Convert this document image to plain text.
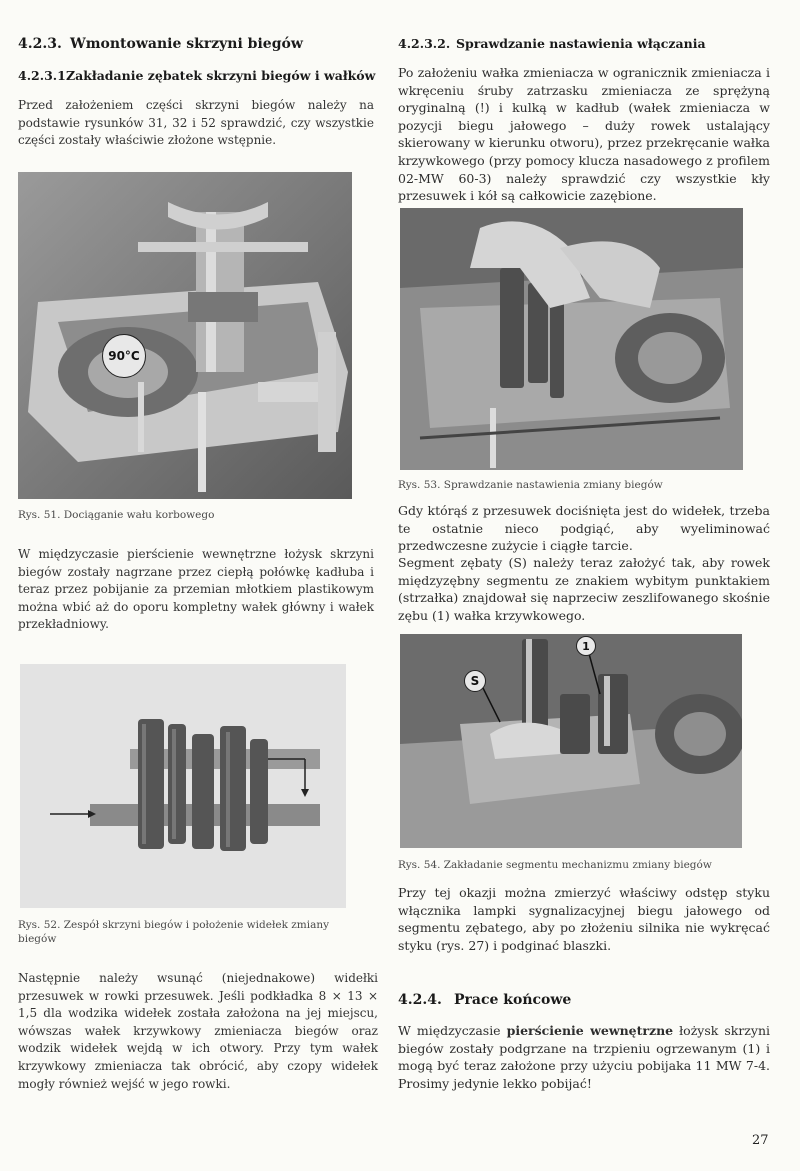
4.2.3. Wmontowanie skrzyni biegów
4.2.3.1.Zakładanie zębatek skrzyni biegów i wałków
Przed założeniem części skrzyni biegów należy na podstawie rysunków 31, 32 i 52 sprawdzić, czy wszystkie części zostały właściwie złożone wstępnie.
90°C
Rys. 51. Dociąganie wału korbowego
W międzyczasie pierścienie wewnętrzne łożysk skrzyni biegów zostały nagrzane przez ciepłą połówkę kadłuba i teraz przez pobijanie za przemian młotkiem plastikowym można wbić aż do oporu kompletny wałek główny i wałek przekładniowy.
Rys. 52. Zespół skrzyni biegów i położenie widełek zmiany biegów
Następnie należy wsunąć (niejednakowe) widełki przesuwek w rowki przesuwek. Jeśli podkładka 8 × 13 × 1,5 dla wodzika widełek została założona na jej miejscu, wówszas wałek krzywkowy zmieniacza biegów oraz wodzik widełek wejdą w ich otwory. Przy tym wałek krzywkowy zmieniacza tak obrócić, aby czopy widełek mogły również wejść w jego rowki.
4.2.3.2. Sprawdzanie nastawienia włączania
Po założeniu wałka zmieniacza w ogranicznik zmieniacza i wkręceniu śruby zatrzasku zmieniacza ze sprężyną oryginalną (!) i kulką w kadłub (wałek zmieniacza w pozycji biegu jałowego – duży rowek ustalający skierowany w kierunku otworu), przez przekręcanie wałka krzywkowego (przy pomocy klucza nasadowego z profilem 02-MW 60-3) należy sprawdzić czy wszystkie kły przesuwek i kół są całkowicie zazębione.
Rys. 53. Sprawdzanie nastawienia zmiany biegów
Gdy którąś z przesuwek dociśnięta jest do widełek, trzeba te ostatnie nieco podgiąć, aby wyeliminować przedwczesne zużycie i ciągłe tarcie.
Segment zębaty (S) należy teraz założyć tak, aby rowek międzyzębny segmentu ze znakiem wybitym punktakiem (strzałka) znajdował się naprzeciw zeszlifowanego skośnie zębu (1) wałka krzywkowego.
S
1
Rys. 54. Zakładanie segmentu mechanizmu zmiany biegów
Przy tej okazji można zmierzyć właściwy odstęp styku włącznika lampki sygnalizacyjnej biegu jałowego od segmentu zębatego, aby po złożeniu silnika nie wykręcać styku (rys. 27) i podginać blaszki.
4.2.4. Prace końcowe
W międzyczasie pierścienie wewnętrzne łożysk skrzyni biegów zostały podgrzane na trzpieniu ogrzewanym (1) i mogą być teraz założone przy użyciu pobijaka 11 MW 7-4. Prosimy jedynie lekko pobijać!
27
